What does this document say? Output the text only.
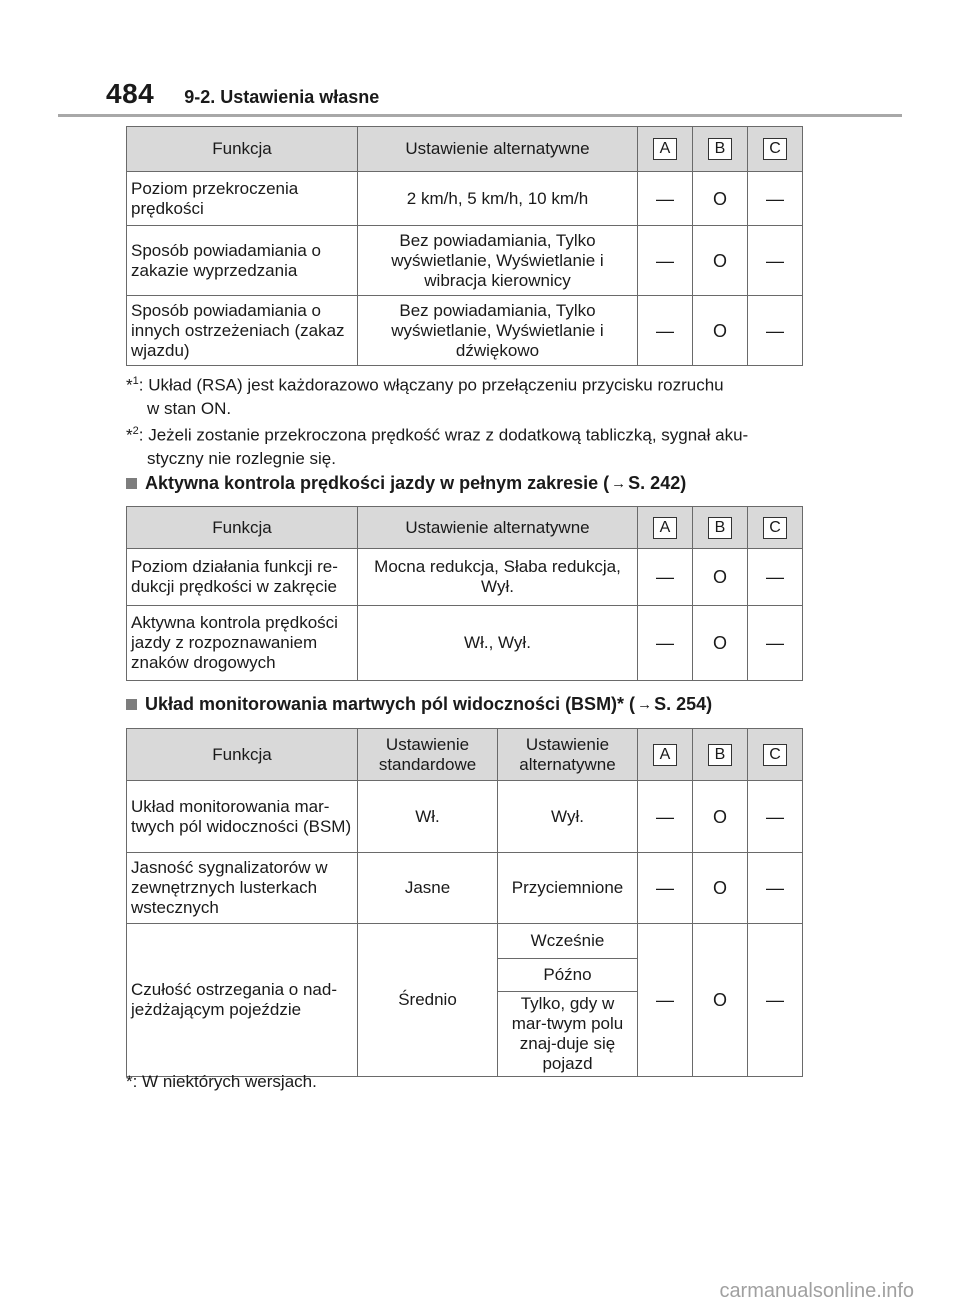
484 9-2. Ustawienia własne
Funkcja	Ustawienie alternatywne	A	B	C
Poziom przekroczenia prędkości	2 km/h, 5 km/h, 10 km/h	—	O	—
Sposób powiadamiania o zakazie wyprzedzania	Bez powiadamiania, Tylko wyświetlanie, Wyświetlanie i wibracja kierownicy	—	O	—
Sposób powiadamiania o innych ostrzeżeniach (zakaz wjazdu)	Bez powiadamiania, Tylko wyświetlanie, Wyświetlanie i dźwiękowo	—	O	—
*$^1$: Układ (RSA) jest każdorazowo włączany po przełączeniu przycisku rozruchu
w stan ON.
*$^2$: Jeżeli zostanie przekroczona prędkość wraz z dodatkową tabliczką, sygnał aku-
styczny nie rozlegnie się.
Aktywna kontrola prędkości jazdy w pełnym zakresie ( → S. 242)
Funkcja	Ustawienie alternatywne	A	B	C
Poziom działania funkcji re-dukcji prędkości w zakręcie	Mocna redukcja, Słaba redukcja, Wył.	—	O	—
Aktywna kontrola prędkości jazdy z rozpoznawaniem znaków drogowych	Wł., Wył.	—	O	—
Układ monitorowania martwych pól widoczności (BSM)* ( → S. 254)
Funkcja	Ustawienie standardowe	Ustawienie alternatywne	A	B	C
Układ monitorowania mar-twych pól widoczności (BSM)	Wł.	Wył.	—	O	—
Jasność sygnalizatorów w zewnętrznych lusterkach wstecznych	Jasne	Przyciemnione	—	O	—
Czułość ostrzegania o nad-jeżdżającym pojeździe	Średnio	Wcześnie	—	O	—
		Późno			
		Tylko, gdy w mar-twym polu znaj-duje się pojazd			
*: W niektórych wersjach.
carmanualsonline.info
